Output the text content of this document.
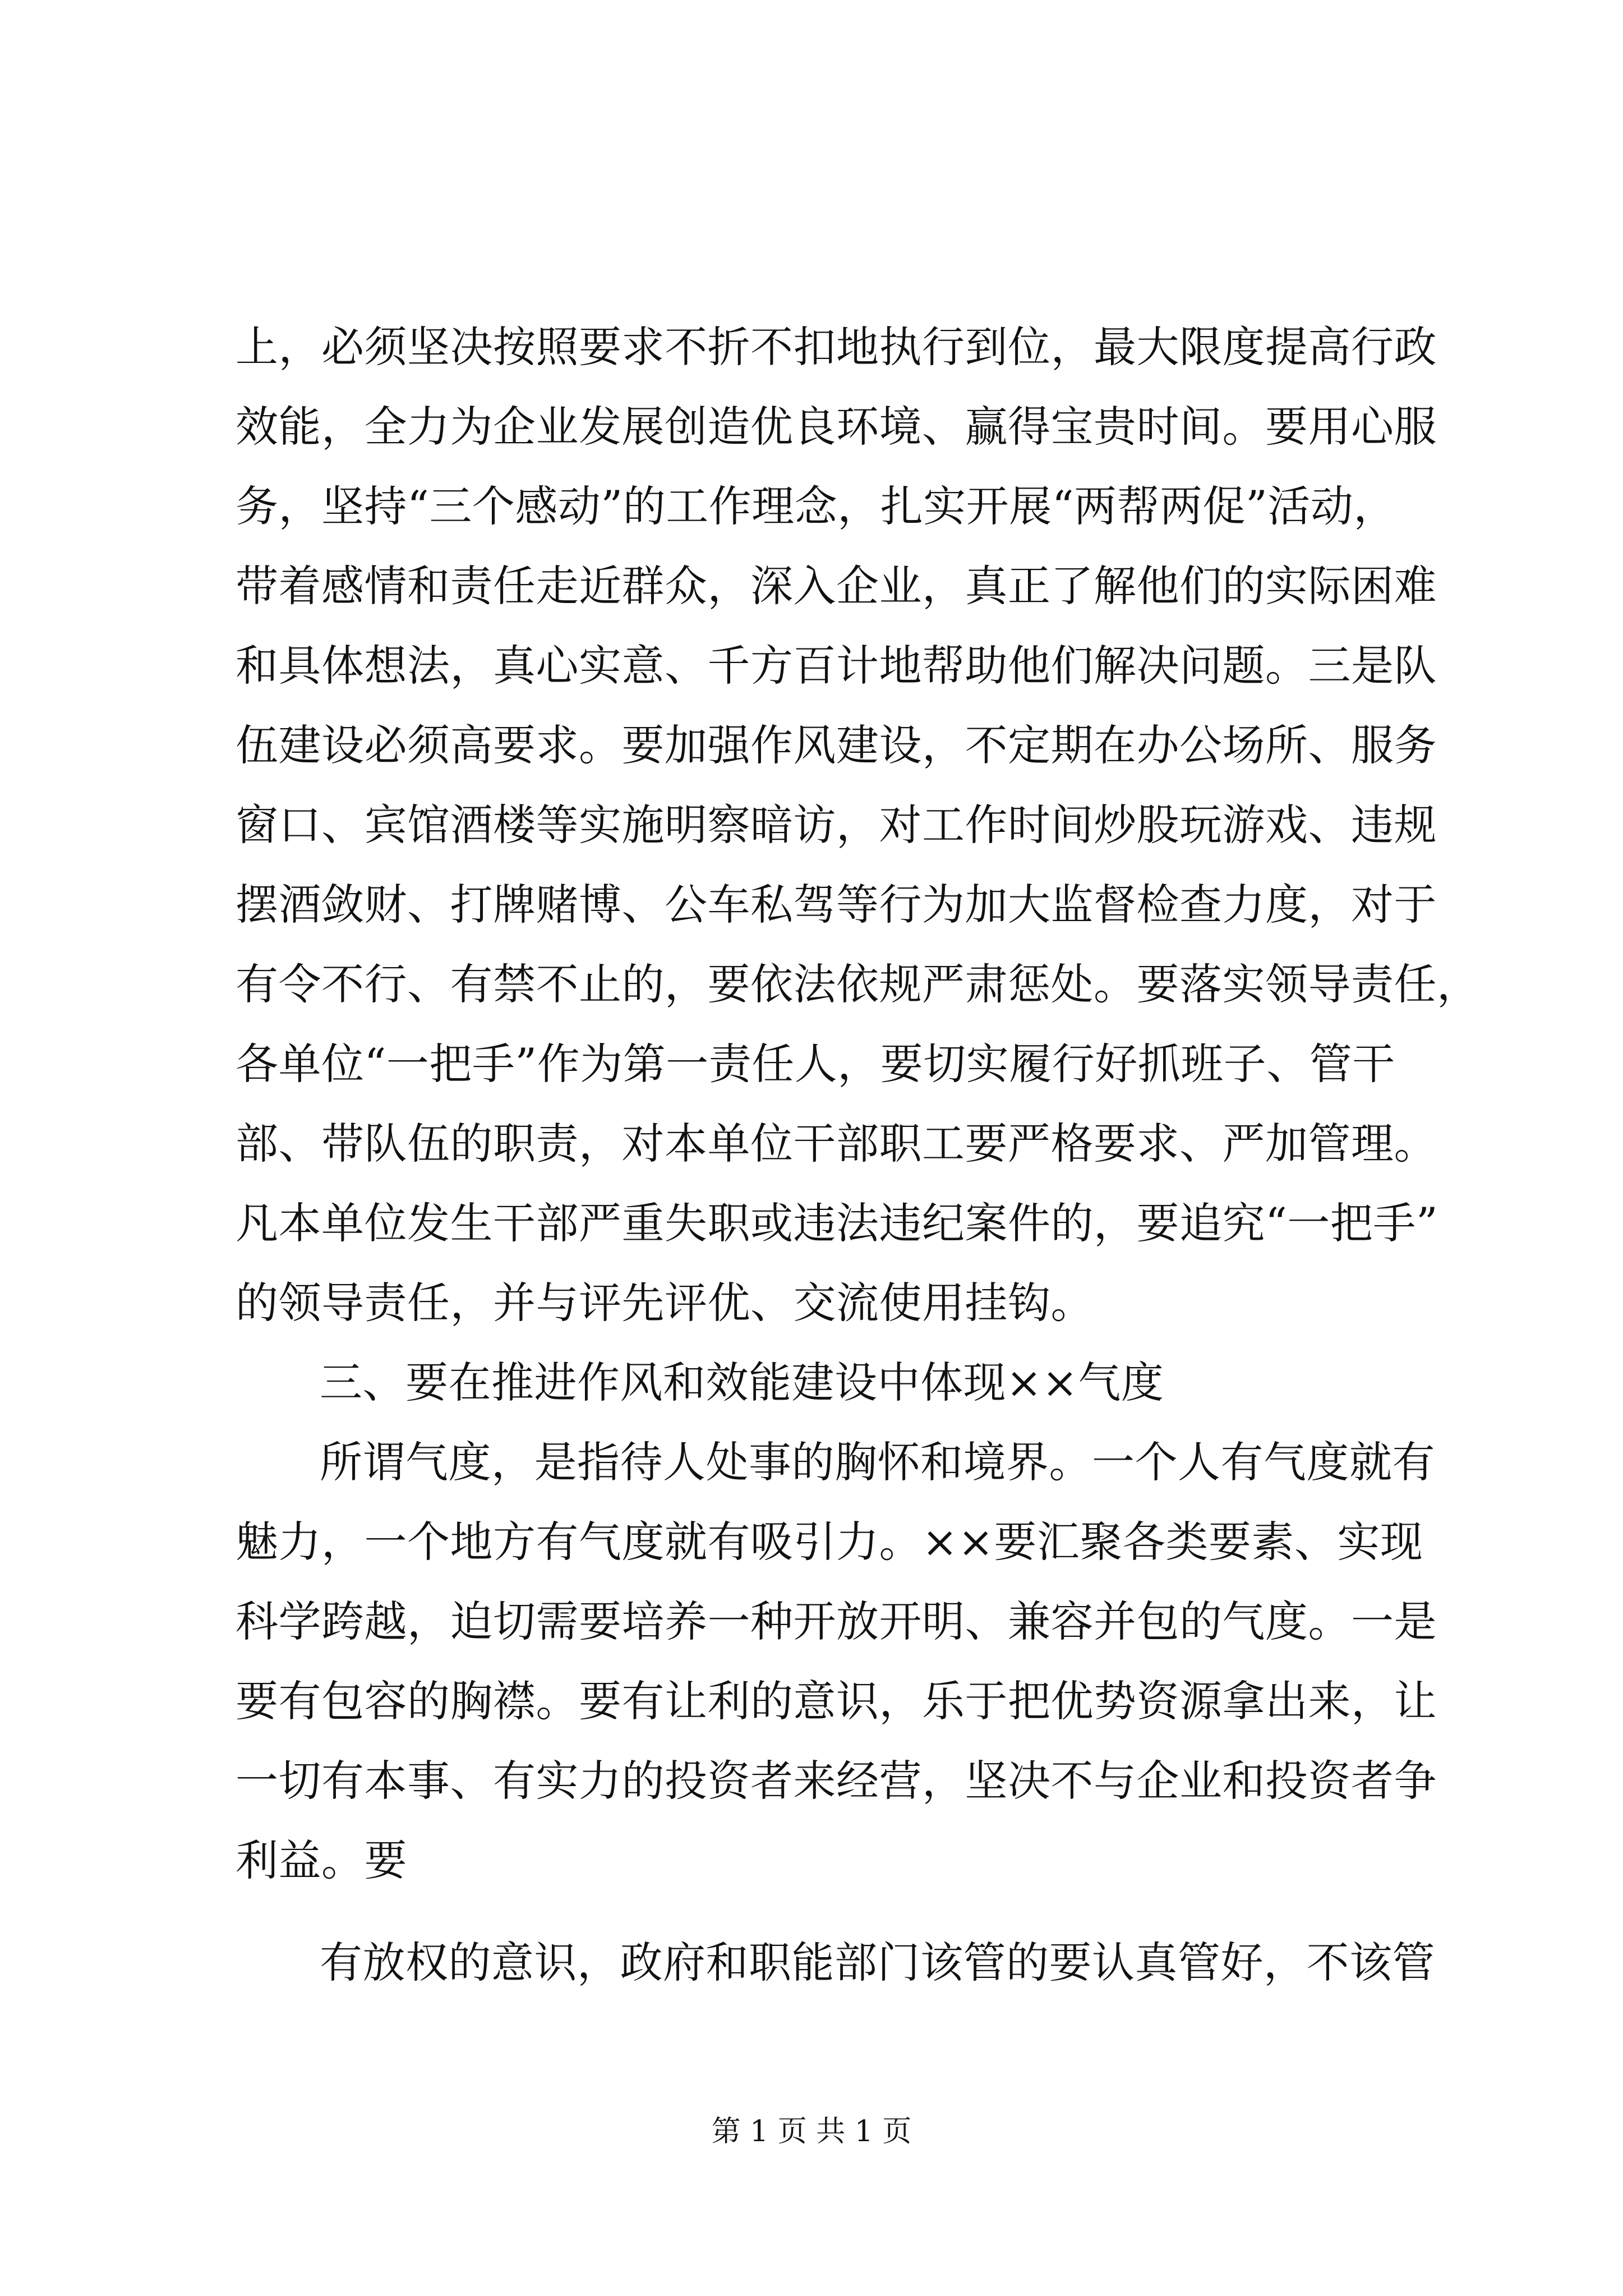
上，必须坚决按照要求不折不扣地执行到位，最大限度提高行政
效能，全力为企业发展创造优良环境、赢得宝贵时间。要用心服
务，坚持“三个感动”的工作理念，扎实开展“两帮两促”活动，
带着感情和责任走近群众，深入企业，真正了解他们的实际困难
和具体想法，真心实意、千方百计地帮助他们解决问题。三是队
伍建设必须高要求。要加强作风建设，不定期在办公场所、服务
窗口、宾馆酒楼等实施明察暗访，对工作时间炒股玩游戏、违规
摆酒敛财、打牌赌博、公车私驾等行为加大监督检查力度，对于
有令不行、有禁不止的，要依法依规严肃惩处。要落实领导责任，
各单位“一把手”作为第一责任人，要切实履行好抓班子、管干
部、带队伍的职责，对本单位干部职工要严格要求、严加管理。
凡本单位发生干部严重失职或违法违纪案件的，要追究“一把手”
的领导责任，并与评先评优、交流使用挂钩。
三、要在推进作风和效能建设中体现××气度
所谓气度，是指待人处事的胸怀和境界。一个人有气度就有
魅力，一个地方有气度就有吸引力。××要汇聚各类要素、实现
科学跨越，迫切需要培养一种开放开明、兼容并包的气度。一是
要有包容的胸襟。要有让利的意识，乐于把优势资源拿出来，让
一切有本事、有实力的投资者来经营，坚决不与企业和投资者争
利益。要
有放权的意识，政府和职能部门该管的要认真管好，不该管
第 1 页 共 1 页
